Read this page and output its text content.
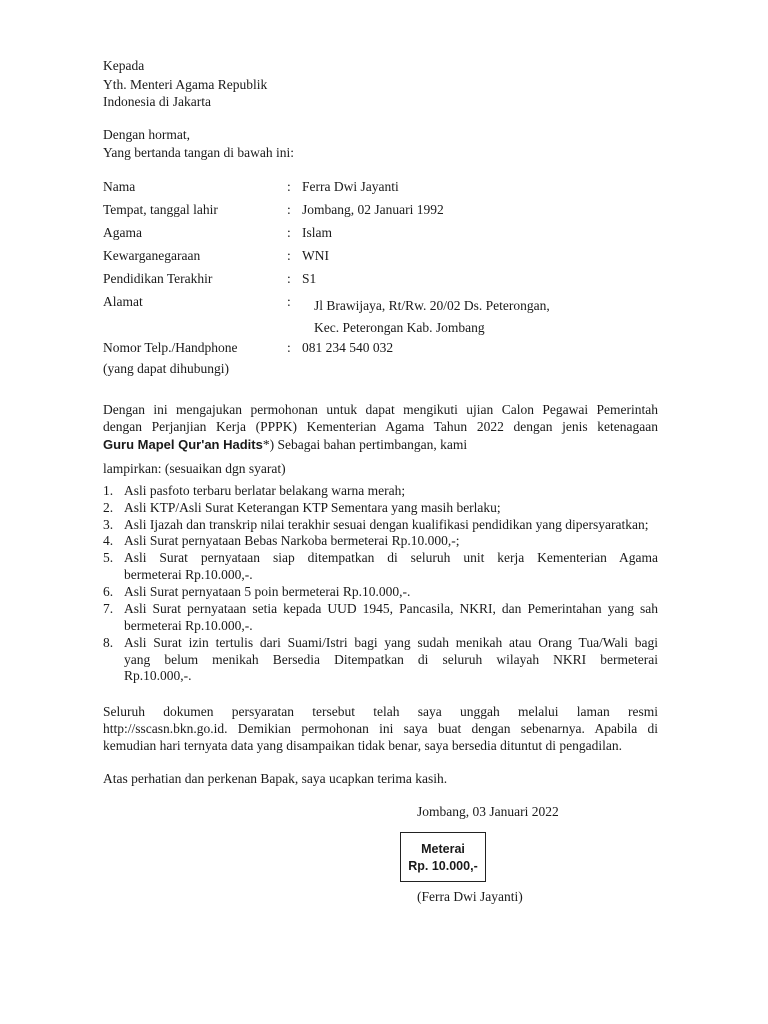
Kepada
Yth. Menteri Agama Republik
Indonesia di Jakarta
Dengan hormat,
Yang bertanda tangan di bawah ini:
Nama	: Ferra Dwi Jayanti
Tempat, tanggal lahir	: Jombang, 02 Januari 1992
Agama	: Islam
Kewarganegaraan	: WNI
Pendidikan Terakhir	: S1
Alamat	: Jl Brawijaya, Rt/Rw. 20/02 Ds. Peterongan,
Kec. Peterongan Kab. Jombang
Nomor Telp./Handphone	: 081 234 540 032
(yang dapat dihubungi)
Dengan ini mengajukan permohonan untuk dapat mengikuti ujian Calon Pegawai Pemerintah
dengan Perjanjian Kerja (PPPK) Kementerian Agama Tahun 2022 dengan jenis ketenagaan
Guru Mapel Qur'an Hadits*) Sebagai bahan pertimbangan, kami
lampirkan: (sesuaikan dgn syarat)
1. Asli pasfoto terbaru berlatar belakang warna merah;
2. Asli KTP/Asli Surat Keterangan KTP Sementara yang masih berlaku;
3. Asli Ijazah dan transkrip nilai terakhir sesuai dengan kualifikasi pendidikan yang dipersyaratkan;
4. Asli Surat pernyataan Bebas Narkoba bermeterai Rp.10.000,-;
5. Asli Surat pernyataan siap ditempatkan di seluruh unit kerja Kementerian Agama
bermeterai Rp.10.000,-.
6. Asli Surat pernyataan 5 poin bermeterai Rp.10.000,-.
7. Asli Surat pernyataan setia kepada UUD 1945, Pancasila, NKRI, dan Pemerintahan yang sah
bermeterai Rp.10.000,-.
8. Asli Surat izin tertulis dari Suami/Istri bagi yang sudah menikah atau Orang Tua/Wali bagi
yang belum menikah Bersedia Ditempatkan di seluruh wilayah NKRI bermeterai
Rp.10.000,-.
Seluruh dokumen persyaratan tersebut telah saya unggah melalui laman resmi
http://sscasn.bkn.go.id. Demikian permohonan ini saya buat dengan sebenarnya. Apabila di
kemudian hari ternyata data yang disampaikan tidak benar, saya bersedia dituntut di pengadilan.
Atas perhatian dan perkenan Bapak, saya ucapkan terima kasih.
Jombang, 03 Januari 2022
Meterai
Rp. 10.000,-
(Ferra Dwi Jayanti)
